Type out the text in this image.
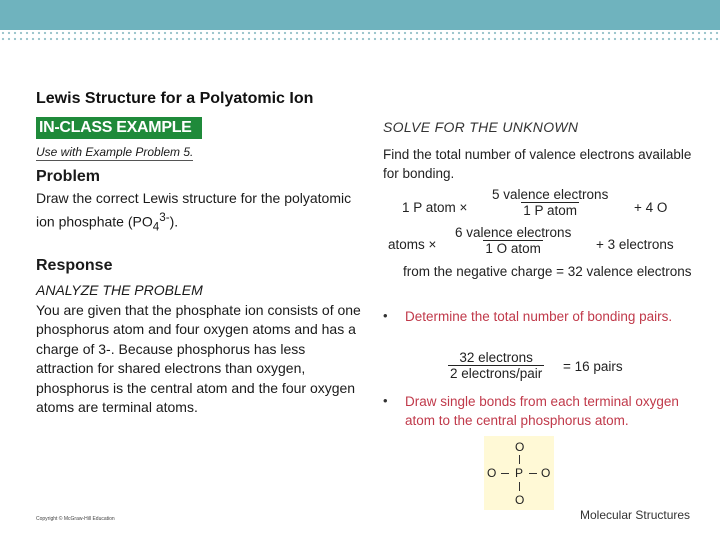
Lewis Structure for a Polyatomic Ion
IN-CLASS EXAMPLE
Use with Example Problem 5.
Problem
Draw the correct Lewis structure for the polyatomic ion phosphate $(PO_4^{3-})$.
Response
ANALYZE THE PROBLEM
You are given that the phosphate ion consists of one phosphorus atom and four oxygen atoms and has a charge of 3-. Because phosphorus has less attraction for shared electrons than oxygen, phosphorus is the central atom and the four oxygen atoms are terminal atoms.
SOLVE FOR THE UNKNOWN
Find the total number of valence electrons available for bonding.
1 P atom ×
5 valence electrons
1 P atom	+ 4 O
atoms ×
6 valence electrons
1 O atom	+ 3 electrons
from the negative charge = 32 valence electrons
• Determine the total number of bonding pairs.
32 electrons
2 electrons/pair = 16 pairs
• Draw single bonds from each terminal oxygen atom to the central phosphorus atom.
O
O P O
O
Copyright © McGraw-Hill Education	Molecular Structures
